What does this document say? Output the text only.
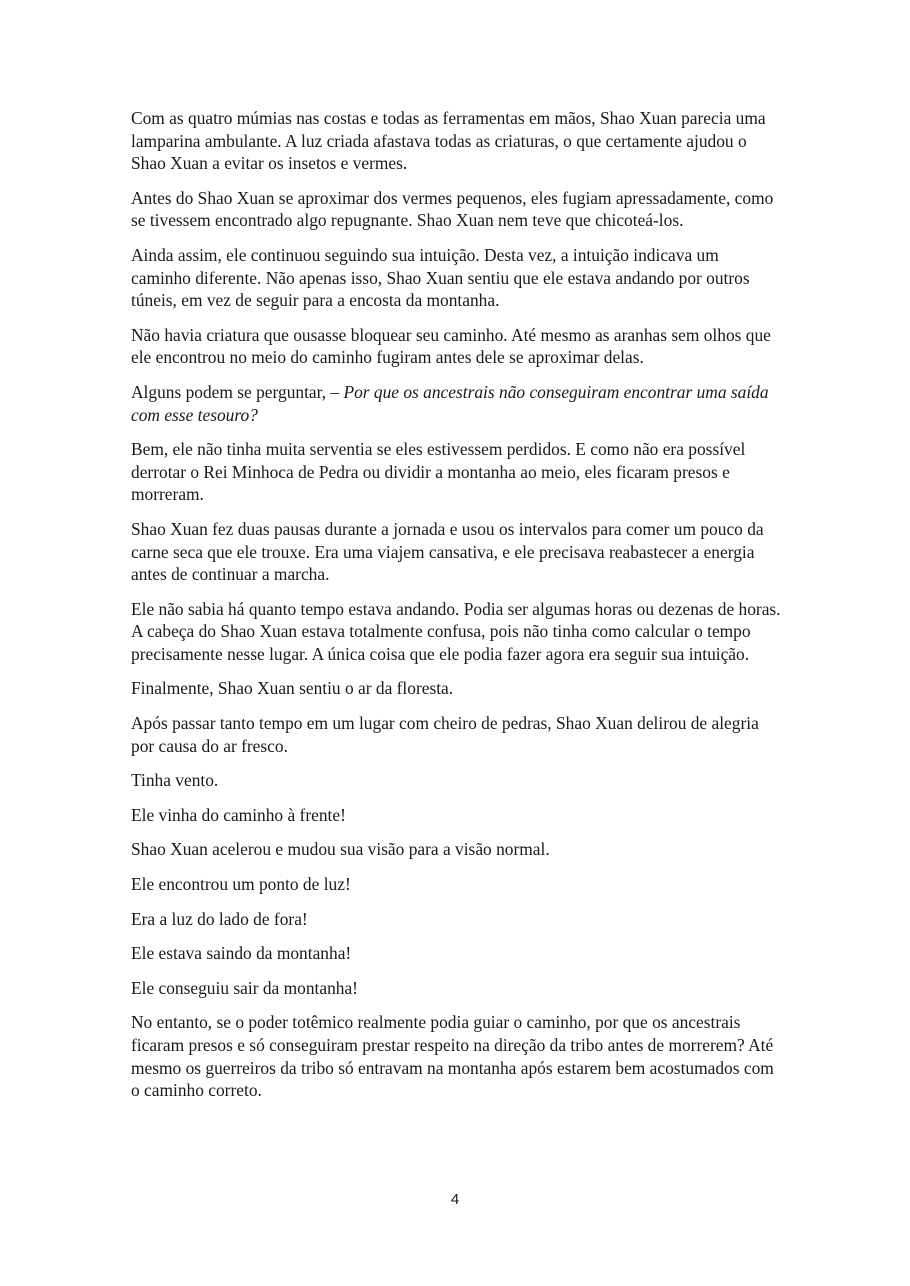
Com as quatro múmias nas costas e todas as ferramentas em mãos, Shao Xuan parecia uma lamparina ambulante. A luz criada afastava todas as criaturas, o que certamente ajudou o Shao Xuan a evitar os insetos e vermes.

Antes do Shao Xuan se aproximar dos vermes pequenos, eles fugiam apressadamente, como se tivessem encontrado algo repugnante. Shao Xuan nem teve que chicoteá-los.

Ainda assim, ele continuou seguindo sua intuição. Desta vez, a intuição indicava um caminho diferente. Não apenas isso, Shao Xuan sentiu que ele estava andando por outros túneis, em vez de seguir para a encosta da montanha.

Não havia criatura que ousasse bloquear seu caminho. Até mesmo as aranhas sem olhos que ele encontrou no meio do caminho fugiram antes dele se aproximar delas.

Alguns podem se perguntar, – Por que os ancestrais não conseguiram encontrar uma saída com esse tesouro?

Bem, ele não tinha muita serventia se eles estivessem perdidos. E como não era possível derrotar o Rei Minhoca de Pedra ou dividir a montanha ao meio, eles ficaram presos e morreram.

Shao Xuan fez duas pausas durante a jornada e usou os intervalos para comer um pouco da carne seca que ele trouxe. Era uma viajem cansativa, e ele precisava reabastecer a energia antes de continuar a marcha.

Ele não sabia há quanto tempo estava andando. Podia ser algumas horas ou dezenas de horas. A cabeça do Shao Xuan estava totalmente confusa, pois não tinha como calcular o tempo precisamente nesse lugar. A única coisa que ele podia fazer agora era seguir sua intuição.

Finalmente, Shao Xuan sentiu o ar da floresta.

Após passar tanto tempo em um lugar com cheiro de pedras, Shao Xuan delirou de alegria por causa do ar fresco.

Tinha vento.

Ele vinha do caminho à frente!

Shao Xuan acelerou e mudou sua visão para a visão normal.

Ele encontrou um ponto de luz!

Era a luz do lado de fora!

Ele estava saindo da montanha!

Ele conseguiu sair da montanha!

No entanto, se o poder totêmico realmente podia guiar o caminho, por que os ancestrais ficaram presos e só conseguiram prestar respeito na direção da tribo antes de morrerem? Até mesmo os guerreiros da tribo só entravam na montanha após estarem bem acostumados com o caminho correto.

4
